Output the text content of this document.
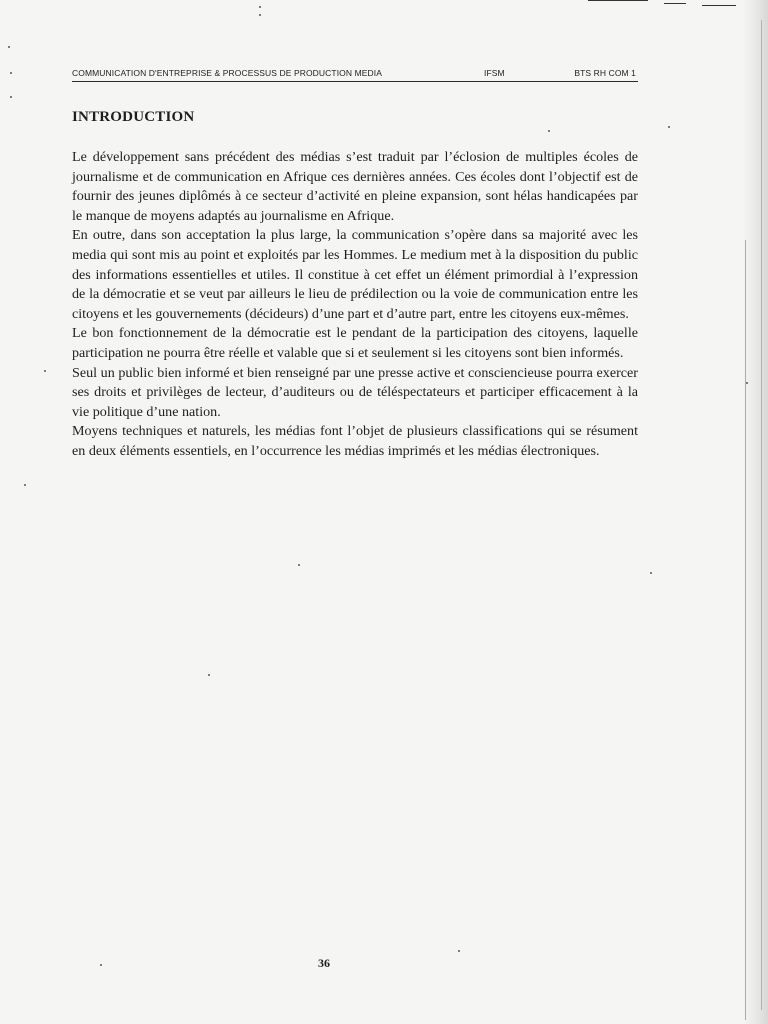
COMMUNICATION D'ENTREPRISE & PROCESSUS DE PRODUCTION MEDIA	IFSM	BTS RH COM 1
INTRODUCTION

Le développement sans précédent des médias s’est traduit par l’éclosion de multiples écoles de journalisme et de communication en Afrique ces dernières années. Ces écoles dont l’objectif est de fournir des jeunes diplômés à ce secteur d’activité en pleine expansion, sont hélas handicapées par le manque de moyens adaptés au journalisme en Afrique.

En outre, dans son acceptation la plus large, la communication s’opère dans sa majorité avec les media qui sont mis au point et exploités par les Hommes. Le medium met à la disposition du public des informations essentielles et utiles. Il constitue à cet effet un élément primordial à l’expression de la démocratie et se veut par ailleurs le lieu de prédilection ou la voie de communication entre les citoyens et les gouvernements (décideurs) d’une part et d’autre part, entre les citoyens eux-mêmes.

Le bon fonctionnement de la démocratie est le pendant de la participation des citoyens, laquelle participation ne pourra être réelle et valable que si et seulement si les citoyens sont bien informés.

Seul un public bien informé et bien renseigné par une presse active et consciencieuse pourra exercer ses droits et privilèges de lecteur, d’auditeurs ou de téléspectateurs et participer efficacement à la vie politique d’une nation.

Moyens techniques et naturels, les médias font l’objet de plusieurs classifications qui se résument en deux éléments essentiels, en l’occurrence les médias imprimés et les médias électroniques.

36
